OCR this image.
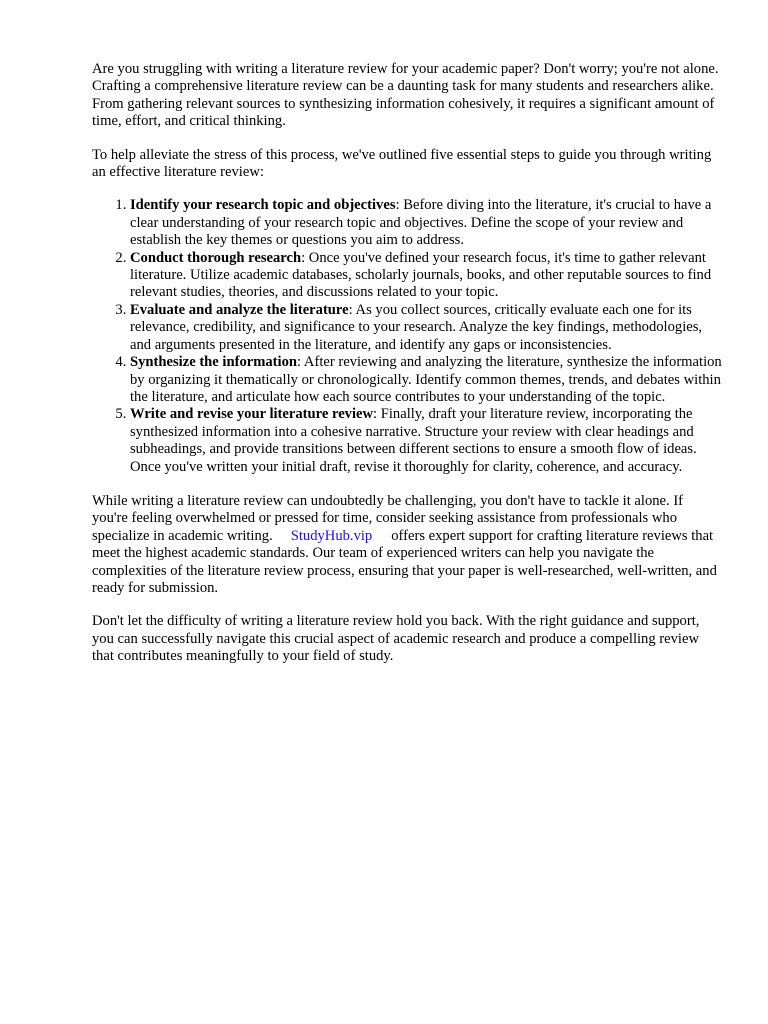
Are you struggling with writing a literature review for your academic paper? Don't worry; you're not alone. Crafting a comprehensive literature review can be a daunting task for many students and researchers alike. From gathering relevant sources to synthesizing information cohesively, it requires a significant amount of time, effort, and critical thinking.

To help alleviate the stress of this process, we've outlined five essential steps to guide you through writing an effective literature review:

1. Identify your research topic and objectives: Before diving into the literature, it's crucial to have a clear understanding of your research topic and objectives. Define the scope of your review and establish the key themes or questions you aim to address.
2. Conduct thorough research: Once you've defined your research focus, it's time to gather relevant literature. Utilize academic databases, scholarly journals, books, and other reputable sources to find relevant studies, theories, and discussions related to your topic.
3. Evaluate and analyze the literature: As you collect sources, critically evaluate each one for its relevance, credibility, and significance to your research. Analyze the key findings, methodologies, and arguments presented in the literature, and identify any gaps or inconsistencies.
4. Synthesize the information: After reviewing and analyzing the literature, synthesize the information by organizing it thematically or chronologically. Identify common themes, trends, and debates within the literature, and articulate how each source contributes to your understanding of the topic.
5. Write and revise your literature review: Finally, draft your literature review, incorporating the synthesized information into a cohesive narrative. Structure your review with clear headings and subheadings, and provide transitions between different sections to ensure a smooth flow of ideas. Once you've written your initial draft, revise it thoroughly for clarity, coherence, and accuracy.

While writing a literature review can undoubtedly be challenging, you don't have to tackle it alone. If you're feeling overwhelmed or pressed for time, consider seeking assistance from professionals who specialize in academic writing. StudyHub.vip offers expert support for crafting literature reviews that meet the highest academic standards. Our team of experienced writers can help you navigate the complexities of the literature review process, ensuring that your paper is well-researched, well-written, and ready for submission.

Don't let the difficulty of writing a literature review hold you back. With the right guidance and support, you can successfully navigate this crucial aspect of academic research and produce a compelling review that contributes meaningfully to your field of study.
